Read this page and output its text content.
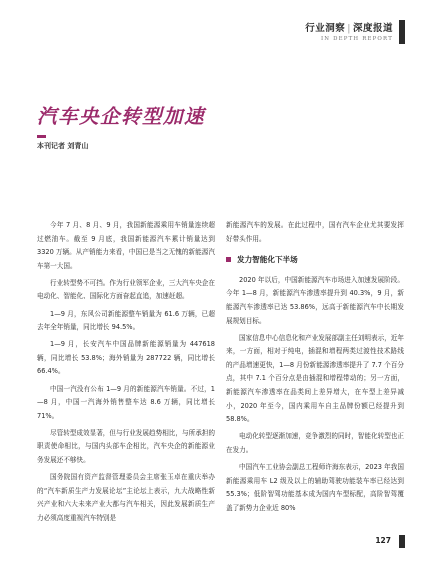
行业洞察 | 深度报道
IN DEPTH REPORT
汽车央企转型加速
本刊记者 刘青山

今年 7 月、8 月、9 月，我国新能源乘用车销量连续超过燃油车。截至 9 月底，我国新能源汽车累计销量达到 3320 万辆。从产销能力来看，中国已是当之无愧的新能源汽车第一大国。

行业转型势不可挡。作为行业领军企业，三大汽车央企在电动化、智能化、国际化方面奋起直追，加速赶超。

1—9 月，东风公司新能源整车销量为 61.6 万辆，已超去年全年销量，同比增长 94.5%。

1—9 月，长安汽车中国品牌新能源销量为 447618 辆，同比增长 53.8%；海外销量为 287722 辆，同比增长 66.4%。

中国一汽没有公布 1—9 月的新能源汽车销量。不过，1—8 月，中国一汽海外销售整车达 8.6 万辆，同比增长 71%。

尽管转型成效显著，但与行业发展趋势相比，与所承担的职责使命相比，与国内头部车企相比，汽车央企的新能源业务发展还不够快。

国务院国有资产监督管理委员会主席张玉卓在重庆举办的“汽车新质生产力发展论坛”主论坛上表示，九大战略性新兴产业和六大未来产业大都与汽车相关，因此发展新质生产力必须高度重视汽车特别是

新能源汽车的发展。在此过程中，国有汽车企业尤其要发挥好带头作用。

发力智能化下半场

2020 年以后，中国新能源汽车市场进入加速发展阶段。今年 1—8 月，新能源汽车渗透率提升到 40.3%，9 月，新能源汽车渗透率已达 53.86%，远高于新能源汽车中长期发展规划目标。

国家信息中心信息化和产业发展部副主任刘明表示，近年来，一方面，相对于纯电，插混和增程两类过渡性技术路线的产品增速更快，1—8 月份新能源渗透率提升了 7.7 个百分点，其中 7.1 个百分点是由插混和增程带动的；另一方面，新能源汽车渗透率在品类间上差异增大，在车型上差异减小，2020 年至今，国内乘用车自主品牌份额已经提升到 58.8%。

电动化转型逐渐加速，竞争激烈的同时，智能化转型也正在发力。

中国汽车工业协会副总工程师许海东表示，2023 年我国新能源乘用车 L2 级及以上的辅助驾驶功能装车率已经达到 55.3%；低阶智驾功能基本成为国内车型标配，高阶智驾覆盖了新势力企业近 80%

127
